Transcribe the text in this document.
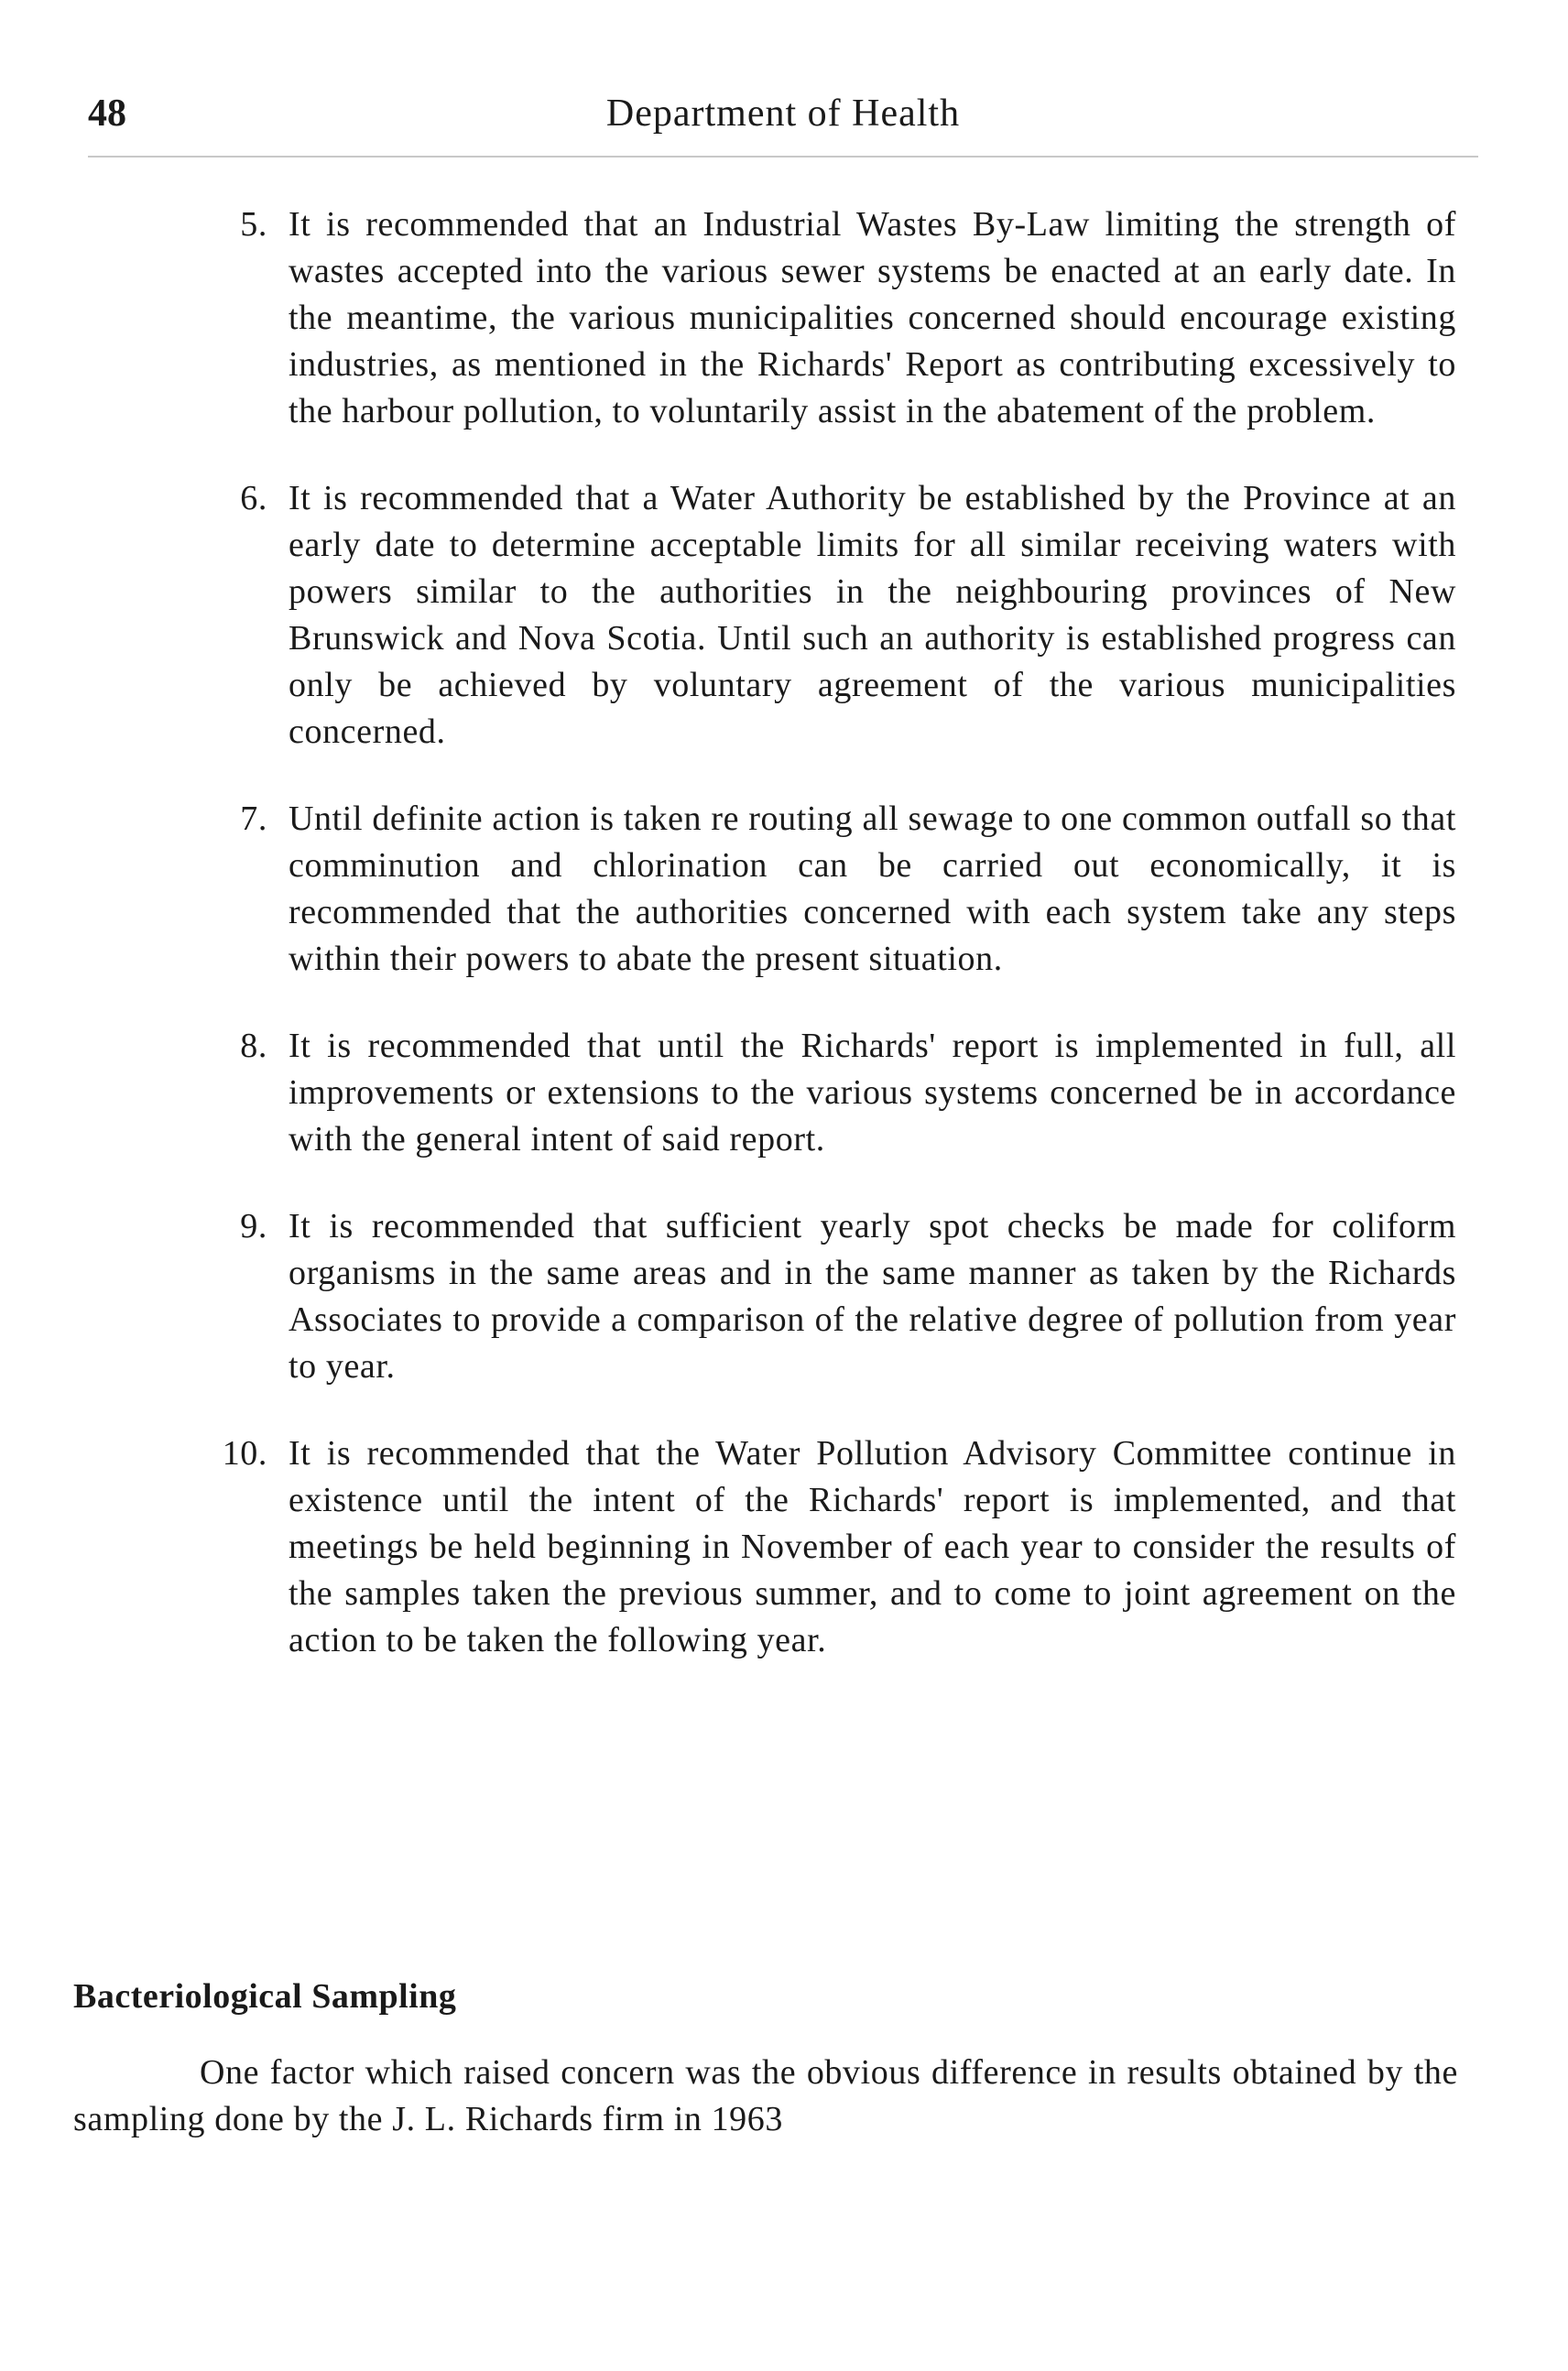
48	Department of Health
5. It is recommended that an Industrial Wastes By-Law limiting the strength of wastes accepted into the various sewer systems be enacted at an early date. In the meantime, the various municipalities concerned should encourage existing industries, as mentioned in the Richards' Report as contributing excessively to the harbour pollution, to voluntarily assist in the abatement of the problem.
6. It is recommended that a Water Authority be established by the Province at an early date to determine acceptable limits for all similar receiving waters with powers similar to the authorities in the neighbouring provinces of New Brunswick and Nova Scotia. Until such an authority is established progress can only be achieved by voluntary agreement of the various municipalities concerned.
7. Until definite action is taken re routing all sewage to one common outfall so that comminution and chlorination can be carried out economically, it is recommended that the authorities concerned with each system take any steps within their powers to abate the present situation.
8. It is recommended that until the Richards' report is implemented in full, all improvements or extensions to the various systems concerned be in accordance with the general intent of said report.
9. It is recommended that sufficient yearly spot checks be made for coliform organisms in the same areas and in the same manner as taken by the Richards Associates to provide a comparison of the relative degree of pollution from year to year.
10. It is recommended that the Water Pollution Advisory Committee continue in existence until the intent of the Richards' report is implemented, and that meetings be held beginning in November of each year to consider the results of the samples taken the previous summer, and to come to joint agreement on the action to be taken the following year.
Bacteriological Sampling
One factor which raised concern was the obvious difference in results obtained by the sampling done by the J. L. Richards firm in 1963
